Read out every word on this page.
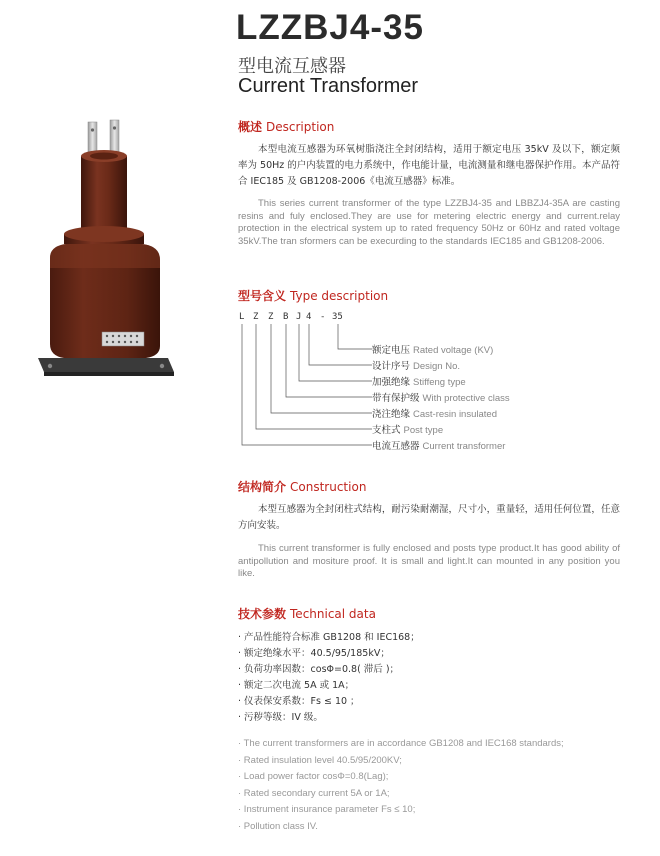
LZZBJ4-35
型电流互感器
Current Transformer
概述 Description

本型电流互感器为环氧树脂浇注全封闭结构，适用于额定电压 35kV 及以下，额定频率为 50Hz 的户内装置的电力系统中，作电能计量，电流测量和继电器保护作用。本产品符合 IEC185 及 GB1208-2006《电流互感器》标准。

This series current transformer of the type LZZBJ4-35 and LBBZJ4-35A are casting resins and fuly enclosed.They are use for metering electric energy and current.relay protection in the electrical system up to rated frequency 50Hz or 60Hz and rated voltage 35kV.The tran sformers can be execurding to the standards IEC185 and GB1208-2006.

型号含义 Type description
L Z Z B J 4 - 35
额定电压 Rated voltage (KV)
设计序号 Design No.
加强绝缘 Stiffeng type
带有保护级 With protective class
浇注绝缘 Cast-resin insulated
支柱式 Post type
电流互感器 Current transformer
结构简介 Construction

本型互感器为全封闭柱式结构，耐污染耐潮湿，尺寸小，重量轻，适用任何位置，任意方向安装。

This current transformer is fully enclosed and posts type product.It has good ability of antipollution and mositure proof. It is small and light.It can mounted in any position you like.

技术参数 Technical data
· 产品性能符合标准 GB1208 和 IEC168；
· 额定绝缘水平：40.5/95/185kV；
· 负荷功率因数：cosΦ=0.8( 滞后 )；
· 额定二次电流 5A 或 1A；
· 仪表保安系数：Fs ≤ 10 ；
· 污秽等级：IV 级。
· The current transformers are in accordance GB1208 and IEC168 standards;
· Rated insulation level 40.5/95/200KV;
· Load power factor cosΦ=0.8(Lag);
· Rated secondary current 5A or 1A;
· Instrument insurance parameter Fs ≤ 10;
· Pollution class IV.
